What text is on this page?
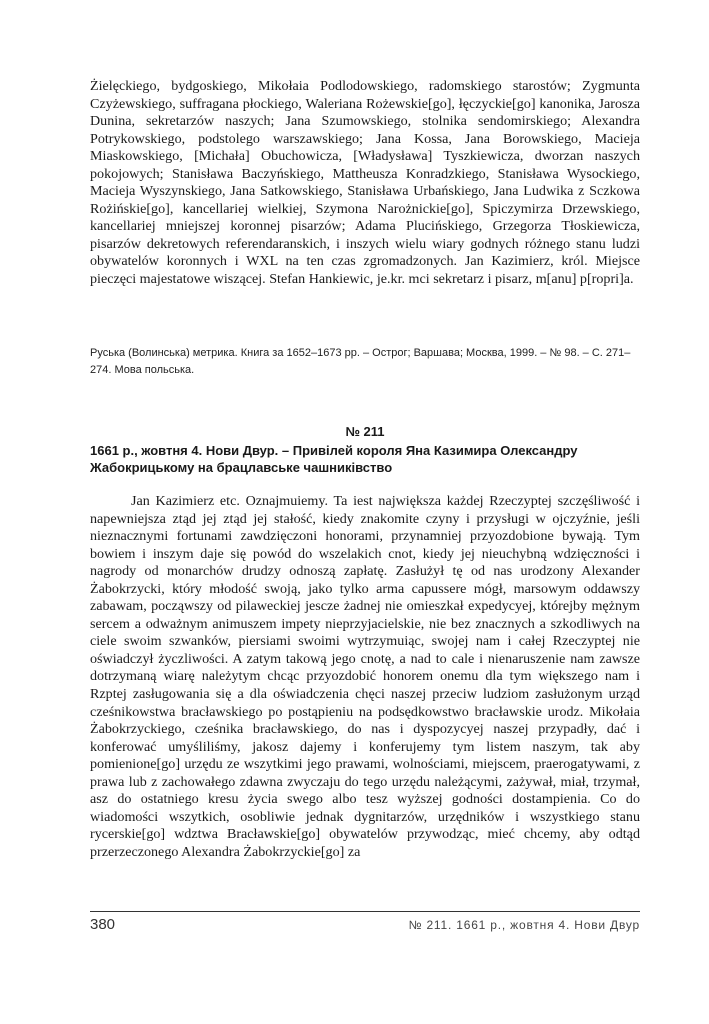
Żielęckiego, bydgoskiego, Mikołaia Podlodowskiego, radomskiego starostów; Zygmunta Czyżewskiego, suffragana płockiego, Waleriana Rożewskie[go], łęczyckie[go] kanonika, Jarosza Dunina, sekretarzów naszych; Jana Szumowskiego, stolnika sendomirskiego; Alexandra Potrykowskiego, podstolego warszawskiego; Jana Kossa, Jana Borowskiego, Macieja Miaskowskiego, [Michała] Obuchowicza, [Władysława] Tyszkiewicza, dworzan naszych pokojowych; Stanisława Baczyńskiego, Mattheusza Konradzkiego, Stanisława Wysockiego, Macieja Wyszynskiego, Jana Satkowskiego, Stanisława Urbańskiego, Jana Ludwika z Sczkowa Rożińskie[go], kancellariej wielkiej, Szymona Narożnickie[go], Spiczymirza Drzewskiego, kancellariej mniejszej koronnej pisarzów; Adama Plucińskiego, Grzegorza Tłoskiewicza, pisarzów dekretowych referendaranskich, i inszych wielu wiary godnych różnego stanu ludzi obywatelów koronnych i WXL na ten czas zgromadzonych. Jan Kazimierz, król. Miejsce pieczęci majestatowe wiszącej. Stefan Hankiewic, je.kr. mci sekretarz i pisarz, m[anu] p[ropri]a.

Руська (Волинська) метрика. Книга за 1652–1673 рр. – Острог; Варшава; Москва, 1999. – № 98. – С. 271–274. Мова польська.

№ 211

1661 р., жовтня 4. Нови Двур. – Привілей короля Яна Казимира Олександру Жабокрицькому на брацлавське чашниківство

Jan Kazimierz etc. Oznajmuiemy. Ta iest największa każdej Rzeczyptej szczęśliwość i napewniejsza ztąd jej ztąd jej stałość, kiedy znakomite czyny i przysługi w ojczyźnie, jeśli nieznacznymi fortunami zawdzięczoni honorami, przynamniej przyozdobione bywają. Tym bowiem i inszym daje się powód do wszelakich cnot, kiedy jej nieuchybną wdzięczności i nagrody od monarchów drudzy odnoszą zapłatę. Zasłużył tę od nas urodzony Alexander Żabokrzycki, który młodość swoją, jako tylko arma capussere mógł, marsowym oddawszy zabawam, począwszy od pilaweckiej jescze żadnej nie omieszkał expedycyej, którejby mężnym sercem a odważnym animuszem impety nieprzyjacielskie, nie bez znacznych a szkodliwych na ciele swoim szwanków, piersiami swoimi wytrzymuiąc, swojej nam i całej Rzeczyptej nie oświadczył życzliwości. A zatym takową jego cnotę, a nad to cale i nienaruszenie nam zawsze dotrzymaną wiarę należytym chcąc przyozdobić honorem onemu dla tym większego nam i Rzptej zasługowania się a dla oświadczenia chęci naszej przeciw ludziom zasłużonym urząd cześnikowstwa bracławskiego po postąpieniu na podsędkowstwo bracławskie urodz. Mikołaia Żabokrzyckiego, cześnika bracławskiego, do nas i dyspozycyej naszej przypadły, dać i konferować umyśliliśmy, jakosz dajemy i konferujemy tym listem naszym, tak aby pomienione[go] urzędu ze wszytkimi jego prawami, wolnościami, miejscem, praerogatywami, z prawa lub z zachowałego zdawna zwyczaju do tego urzędu należącymi, zażywał, miał, trzymał, asz do ostatniego kresu życia swego albo tesz wyższej godności dostampienia. Co do wiadomości wszytkich, osobliwie jednak dygnitarzów, urzędników i wszystkiego stanu rycerskie[go] wdztwa Bracławskie[go] obywatelów przywodząc, mieć chcemy, aby odtąd przerzeczonego Alexandra Żabokrzyckie[go] za

380	№ 211. 1661 р., жовтня 4. Нови Двур
